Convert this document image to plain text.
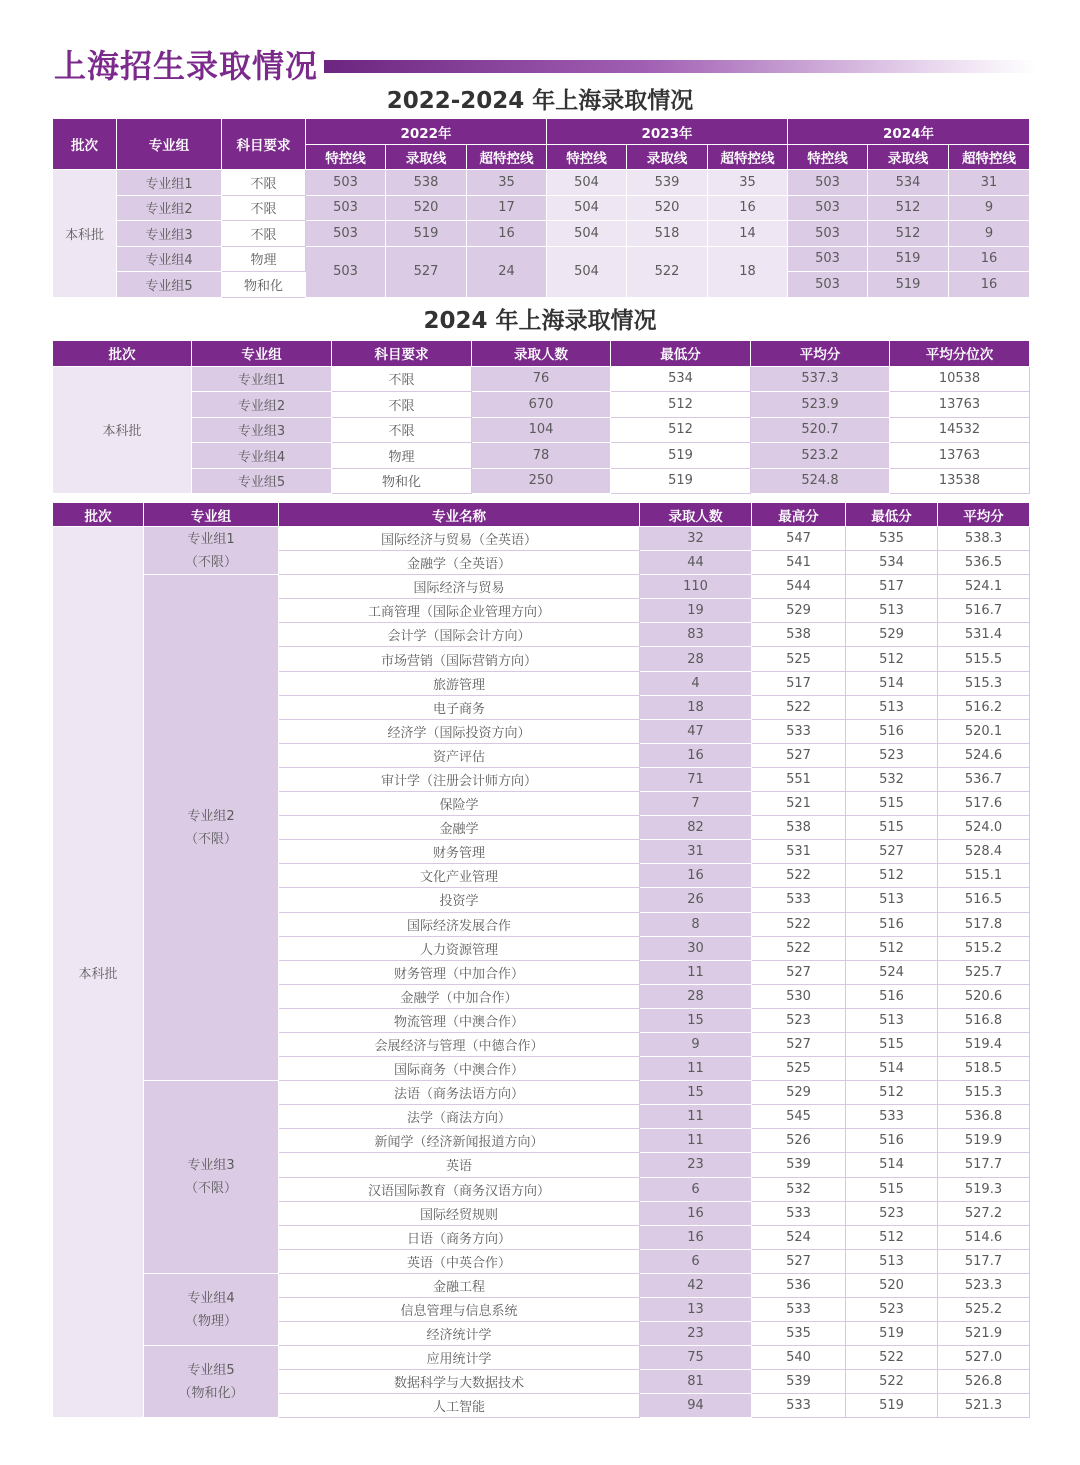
上海招生录取情况
2022-2024 年上海录取情况
批次	专业组	科目要求	2022年			2023年			2024年		
			特控线	录取线	超特控线	特控线	录取线	超特控线	特控线	录取线	超特控线
本科批	专业组1	不限	503	538	35	504	539	35	503	534	31
	专业组2	不限	503	520	17	504	520	16	503	512	9
	专业组3	不限	503	519	16	504	518	14	503	512	9
	专业组4	物理	503	527	24	504	522	18	503	519	16
	专业组5	物和化							503	519	16
2024 年上海录取情况
批次	专业组	科目要求	录取人数	最低分	平均分	平均分位次
本科批	专业组1	不限	76	534	537.3	10538
	专业组2	不限	670	512	523.9	13763
	专业组3	不限	104	512	520.7	14532
	专业组4	物理	78	519	523.2	13763
	专业组5	物和化	250	519	524.8	13538
批次	专业组	专业名称	录取人数	最高分	最低分	平均分
本科批	专业组1
（不限）	国际经济与贸易（全英语）	32	547	535	538.3
		金融学（全英语）	44	541	534	536.5

	专业组2
（不限）	国际经济与贸易	110	544	517	524.1
		工商管理（国际企业管理方向）	19	529	513	516.7
		会计学（国际会计方向）	83	538	529	531.4
		市场营销（国际营销方向）	28	525	512	515.5
		旅游管理	4	517	514	515.3
		电子商务	18	522	513	516.2
		经济学（国际投资方向）	47	533	516	520.1
		资产评估	16	527	523	524.6
		审计学（注册会计师方向）	71	551	532	536.7
		保险学	7	521	515	517.6
		金融学	82	538	515	524.0
		财务管理	31	531	527	528.4
		文化产业管理	16	522	512	515.1
		投资学	26	533	513	516.5
		国际经济发展合作	8	522	516	517.8
		人力资源管理	30	522	512	515.2
		财务管理（中加合作）	11	527	524	525.7
		金融学（中加合作）	28	530	516	520.6
		物流管理（中澳合作）	15	523	513	516.8
		会展经济与管理（中德合作）	9	527	515	519.4
		国际商务（中澳合作）	11	525	514	518.5

	专业组3
（不限）	法语（商务法语方向）	15	529	512	515.3
		法学（商法方向）	11	545	533	536.8
		新闻学（经济新闻报道方向）	11	526	516	519.9
		英语	23	539	514	517.7
		汉语国际教育（商务汉语方向）	6	532	515	519.3
		国际经贸规则	16	533	523	527.2
		日语（商务方向）	16	524	512	514.6
		英语（中英合作）	6	527	513	517.7

	专业组4
（物理）	金融工程	42	536	520	523.3
		信息管理与信息系统	13	533	523	525.2
		经济统计学	23	535	519	521.9

	专业组5
（物和化）	应用统计学	75	540	522	527.0
		数据科学与大数据技术	81	539	522	526.8
		人工智能	94	533	519	521.3
